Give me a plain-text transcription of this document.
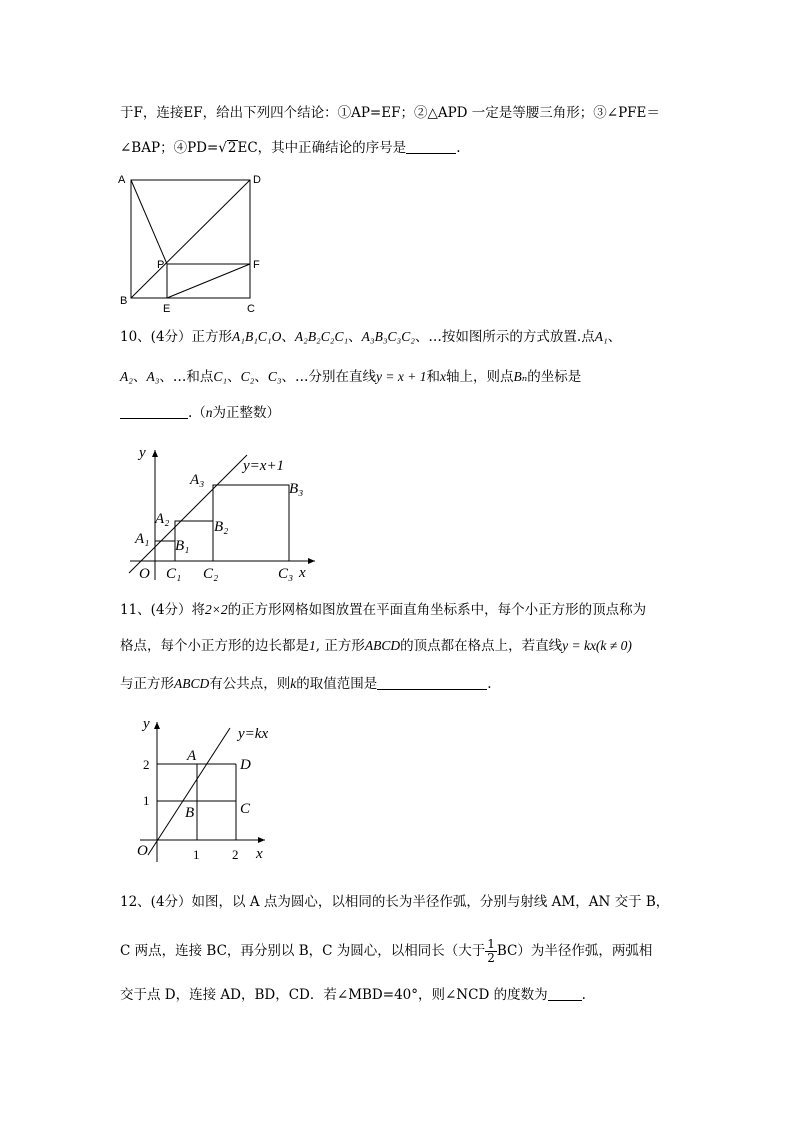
于F，连接EF，给出下列四个结论：①AP=EF；②△APD 一定是等腰三角形；③∠PFE＝
∠BAP；④PD=√2EC，其中正确结论的序号是	.
A	D
P	F
B
E	C
10、(4分）正方形A₁B₁C₁O、A₂B₂C₂C₁、A₃B₃C₃C₂、…按如图所示的方式放置.点A₁、
A₂、A₃、…和点C₁、C₂、C₃、…分别在直线y = x + 1和x轴上，则点Bₙ的坐标是
.（n为正整数）
y
x
O
y=x+1
A₁
A₂
A₃
B₁
B₂
B₃
C₁ C₂	C₃
11、(4分）将2×2的正方形网格如图放置在平面直角坐标系中，每个小正方形的顶点称为
格点，每个小正方形的边长都是1, 正方形ABCD的顶点都在格点上，若直线y = kx(k ≠ 0)
与正方形ABCD有公共点，则k的取值范围是	.
y
x
O
y=kx
A
B	C
D
1	2
1
2
12、(4分）如图，以 A 点为圆心，以相同的长为半径作弧，分别与射线 AM，AN 交于 B，
C 两点，连接 BC，再分别以 B，C 为圆心，以相同长（大于 $\frac{1}{2} BC$）为半径作弧，两弧相
交于点 D，连接 AD，BD，CD．若∠MBD=40°，则∠NCD 的度数为	.
